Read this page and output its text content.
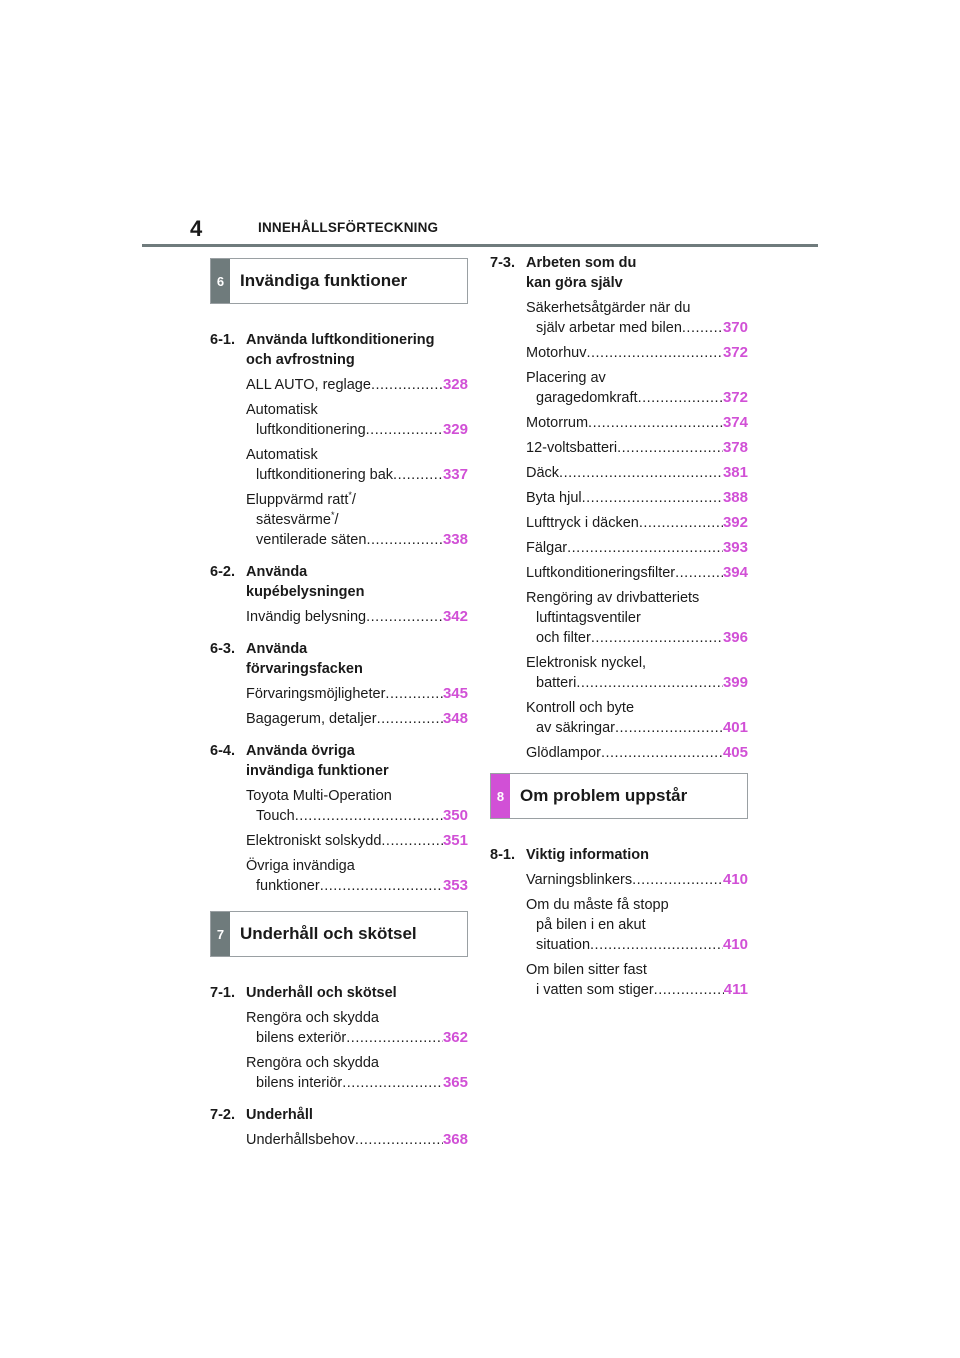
4	INNEHÅLLSFÖRTECKNING
6 Invändiga funktioner
6-1. Använda luftkonditionering
och avfrostning
ALL AUTO, reglage .....	328
Automatisk
luftkonditionering .....	329
Automatisk
luftkonditionering bak .....	337
Eluppvärmd ratt*/
sätesvärme*/
ventilerade säten .....	338
6-2. Använda
kupébelysningen
Invändig belysning .....	342
6-3. Använda
förvaringsfacken
Förvaringsmöjligheter .....	345
Bagagerum, detaljer .....	348
6-4. Använda övriga
invändiga funktioner
Toyota Multi-Operation
Touch .....	350
Elektroniskt solskydd .....	351
Övriga invändiga
funktioner .....	353
7 Underhåll och skötsel
7-1. Underhåll och skötsel
Rengöra och skydda
bilens exteriör .....	362
Rengöra och skydda
bilens interiör .....	365
7-2. Underhåll
Underhållsbehov .....	368
7-3. Arbeten som du
kan göra själv
Säkerhetsåtgärder när du
själv arbetar med bilen .....	370
Motorhuv .....	372
Placering av
garagedomkraft .....	372
Motorrum .....	374
12-voltsbatteri .....	378
Däck .....	381
Byta hjul .....	388
Lufttryck i däcken .....	392
Fälgar .....	393
Luftkonditioneringsfilter .....	394
Rengöring av drivbatteriets
luftintagsventiler
och filter .....	396
Elektronisk nyckel,
batteri .....	399
Kontroll och byte
av säkringar .....	401
Glödlampor .....	405
8 Om problem uppstår
8-1. Viktig information
Varningsblinkers .....	410
Om du måste få stopp
på bilen i en akut
situation .....	410
Om bilen sitter fast
i vatten som stiger .....	411
